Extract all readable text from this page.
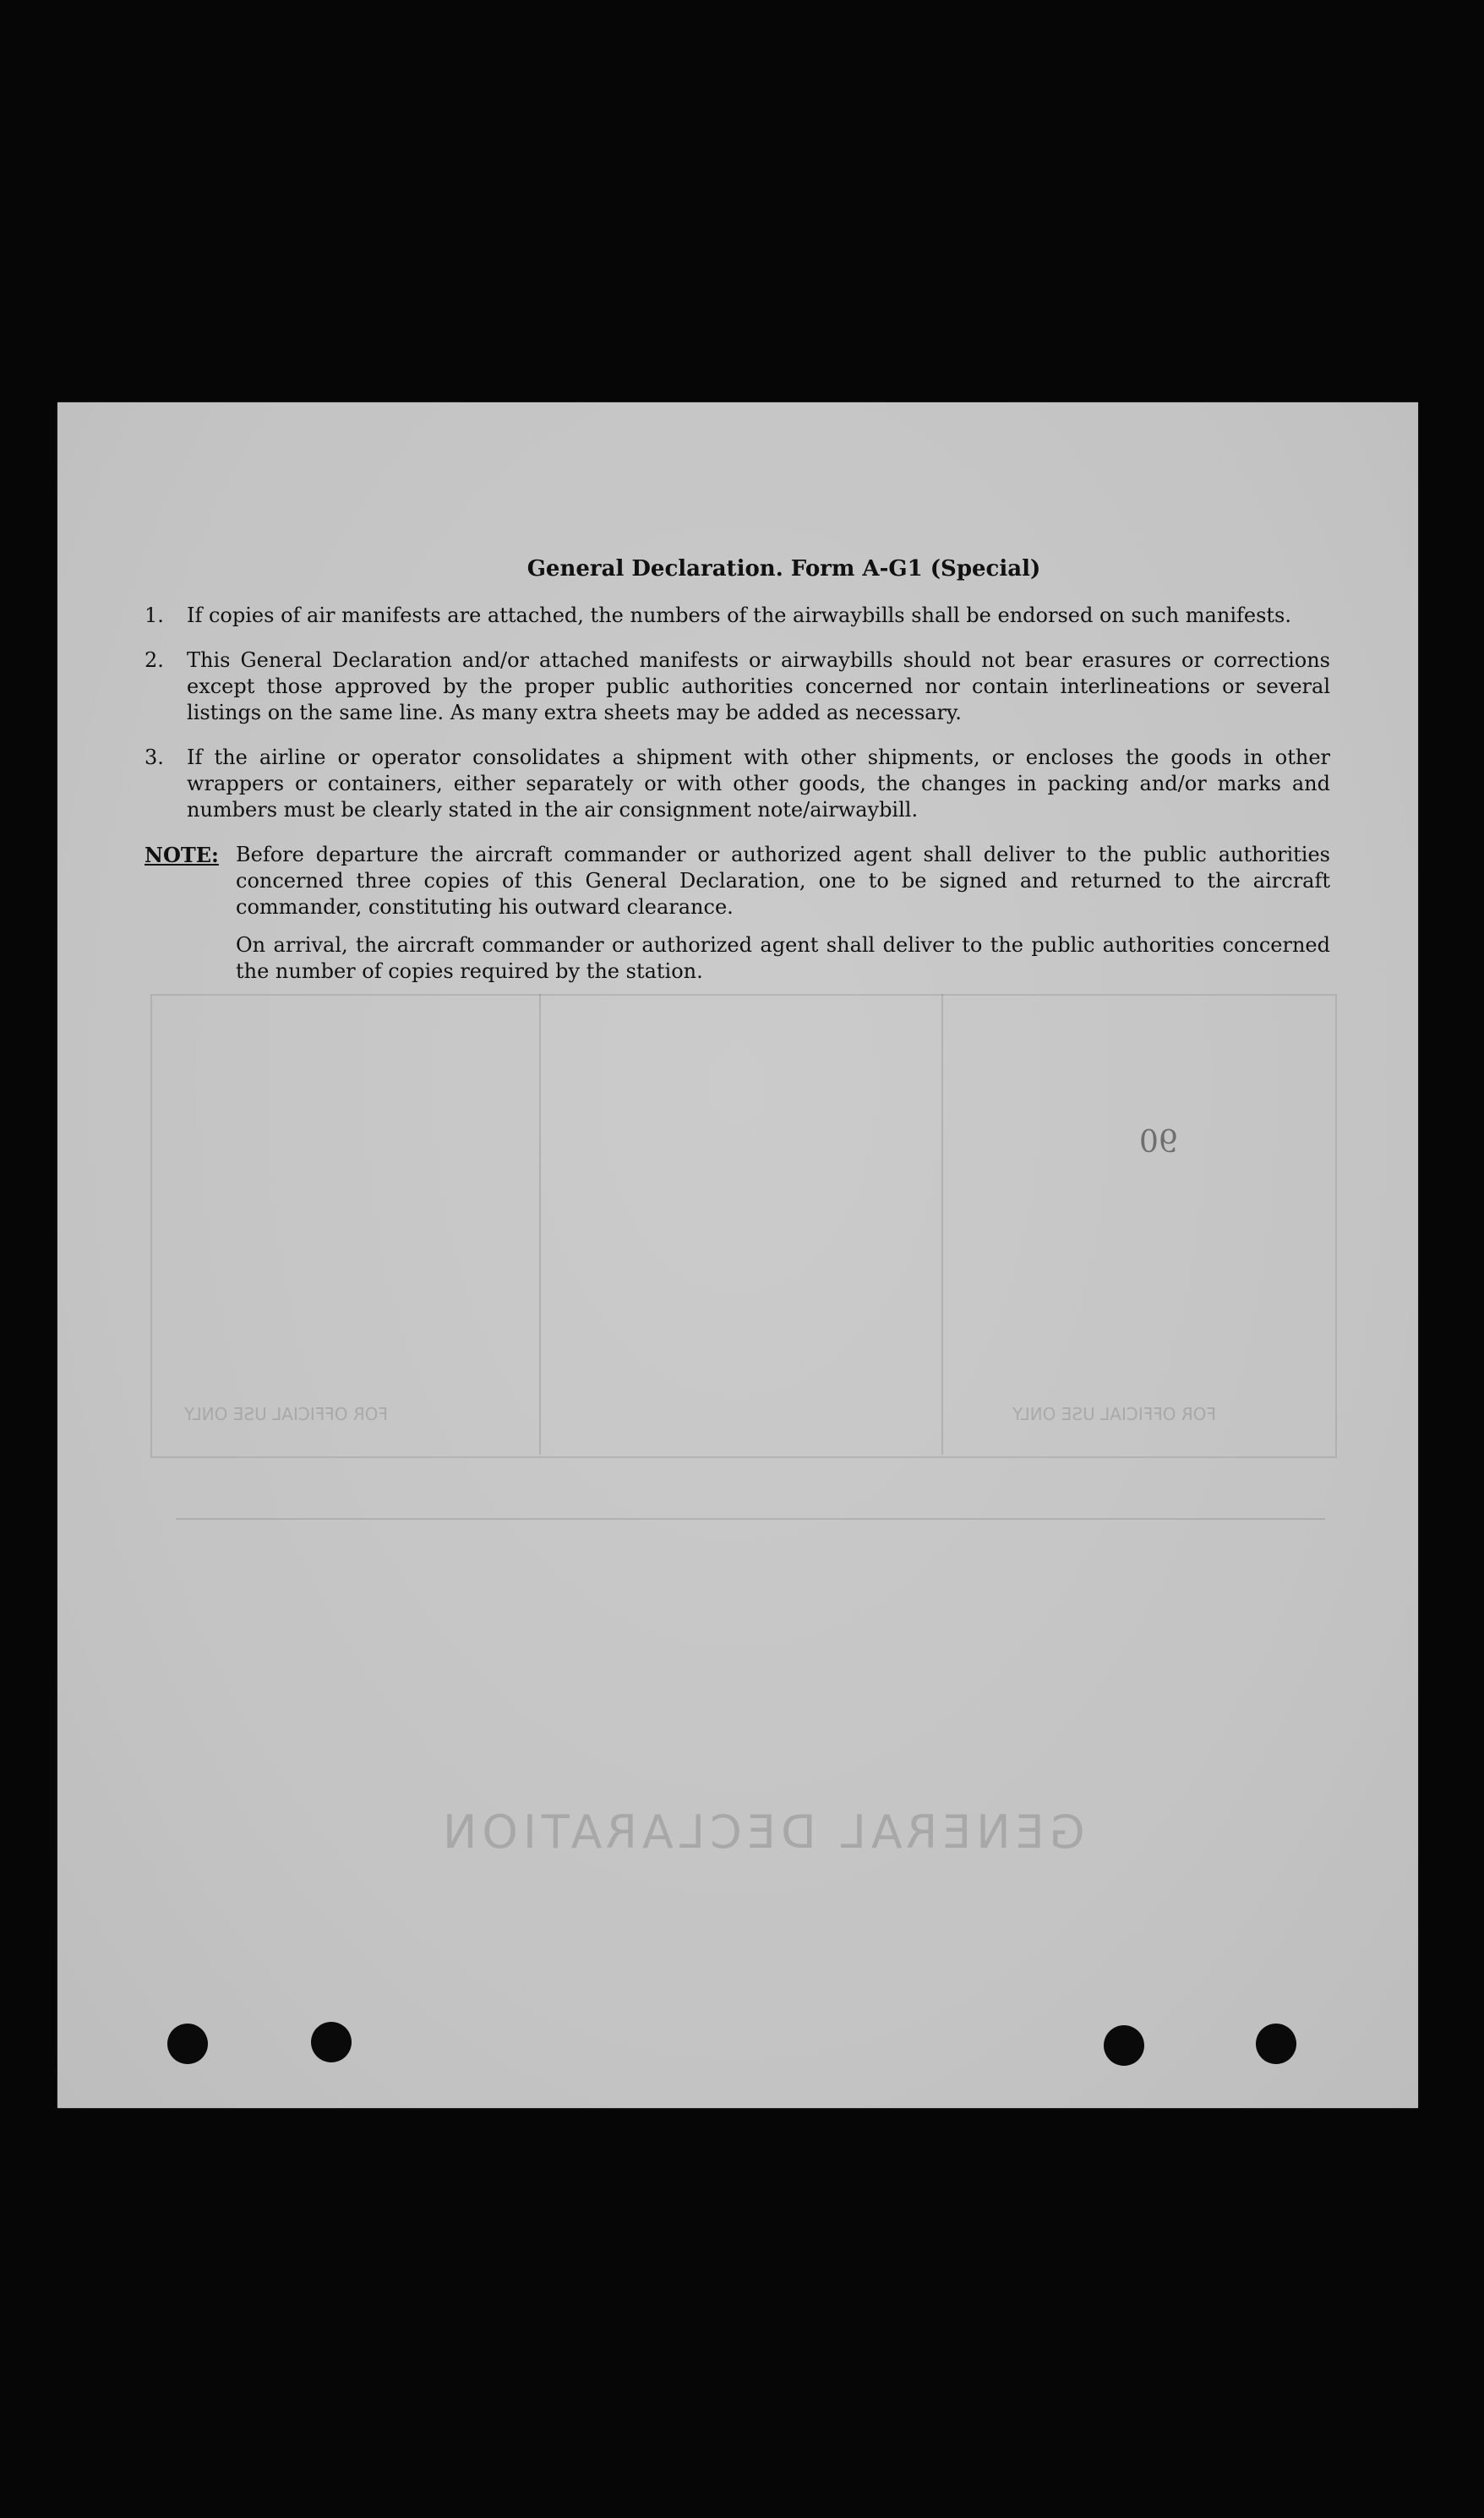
GENERAL DECLARATION
FOR OFFICIAL USE ONLY	FOR OFFICIAL USE ONLY
90
General Declaration. Form A-G1 (Special)
1.	If copies of air manifests are attached, the numbers of the airwaybills shall be endorsed on such manifests.
2.	This General Declaration and/or attached manifests or airwaybills should not bear erasures or corrections except those approved by the proper public authorities concerned nor contain interlineations or several listings on the same line. As many extra sheets may be added as necessary.
3.	If the airline or operator consolidates a shipment with other shipments, or encloses the goods in other wrappers or containers, either separately or with other goods, the changes in packing and/or marks and numbers must be clearly stated in the air consignment note/airwaybill.
NOTE: Before departure the aircraft commander or authorized agent shall deliver to the public authorities concerned three copies of this General Declaration, one to be signed and returned to the aircraft commander, constituting his outward clearance.

On arrival, the aircraft commander or authorized agent shall deliver to the public authorities concerned the number of copies required by the station.
